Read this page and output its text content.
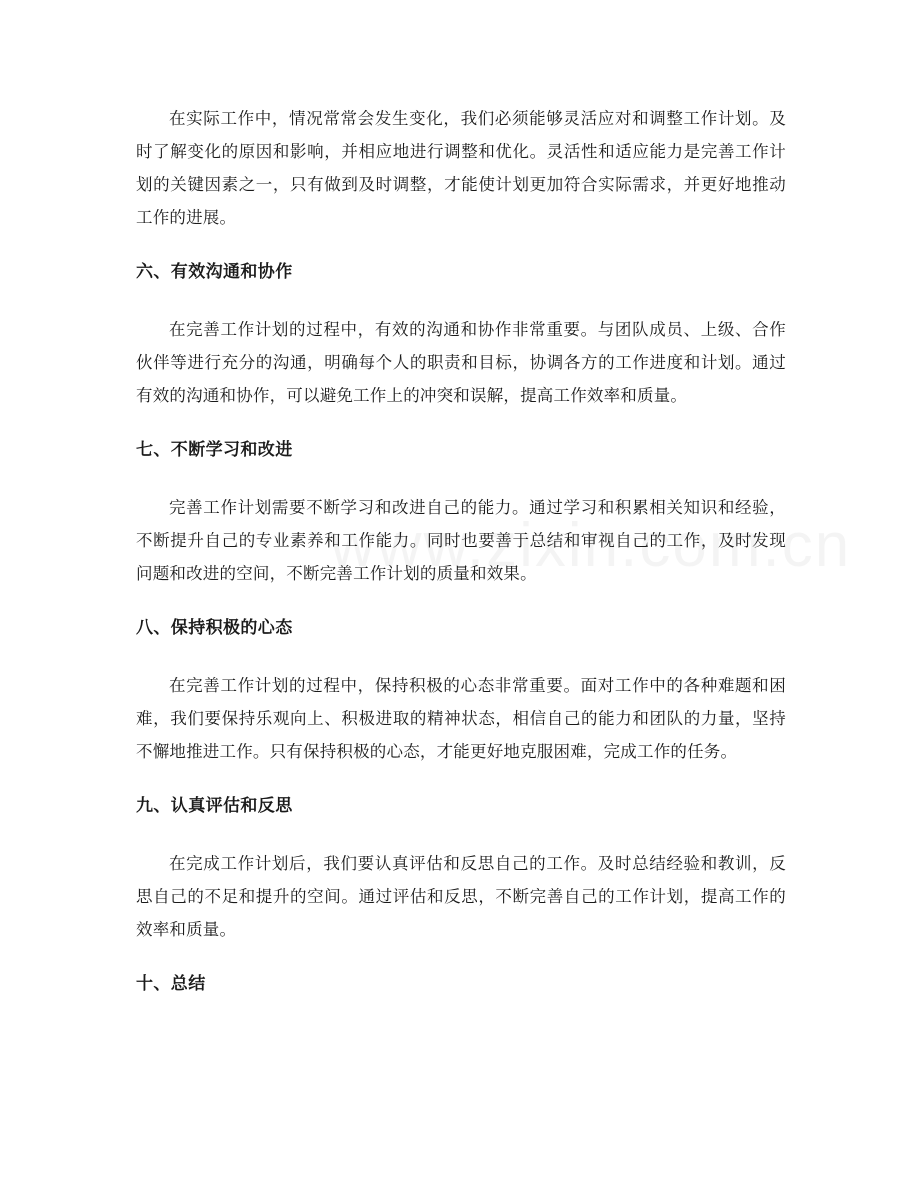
在实际工作中，情况常常会发生变化，我们必须能够灵活应对和调整工作计划。及时了解变化的原因和影响，并相应地进行调整和优化。灵活性和适应能力是完善工作计划的关键因素之一，只有做到及时调整，才能使计划更加符合实际需求，并更好地推动工作的进展。

六、有效沟通和协作

在完善工作计划的过程中，有效的沟通和协作非常重要。与团队成员、上级、合作伙伴等进行充分的沟通，明确每个人的职责和目标，协调各方的工作进度和计划。通过有效的沟通和协作，可以避免工作上的冲突和误解，提高工作效率和质量。

七、不断学习和改进

完善工作计划需要不断学习和改进自己的能力。通过学习和积累相关知识和经验，不断提升自己的专业素养和工作能力。同时也要善于总结和审视自己的工作，及时发现问题和改进的空间，不断完善工作计划的质量和效果。

八、保持积极的心态

在完善工作计划的过程中，保持积极的心态非常重要。面对工作中的各种难题和困难，我们要保持乐观向上、积极进取的精神状态，相信自己的能力和团队的力量，坚持不懈地推进工作。只有保持积极的心态，才能更好地克服困难，完成工作的任务。

九、认真评估和反思

在完成工作计划后，我们要认真评估和反思自己的工作。及时总结经验和教训，反思自己的不足和提升的空间。通过评估和反思，不断完善自己的工作计划，提高工作的效率和质量。

十、总结
